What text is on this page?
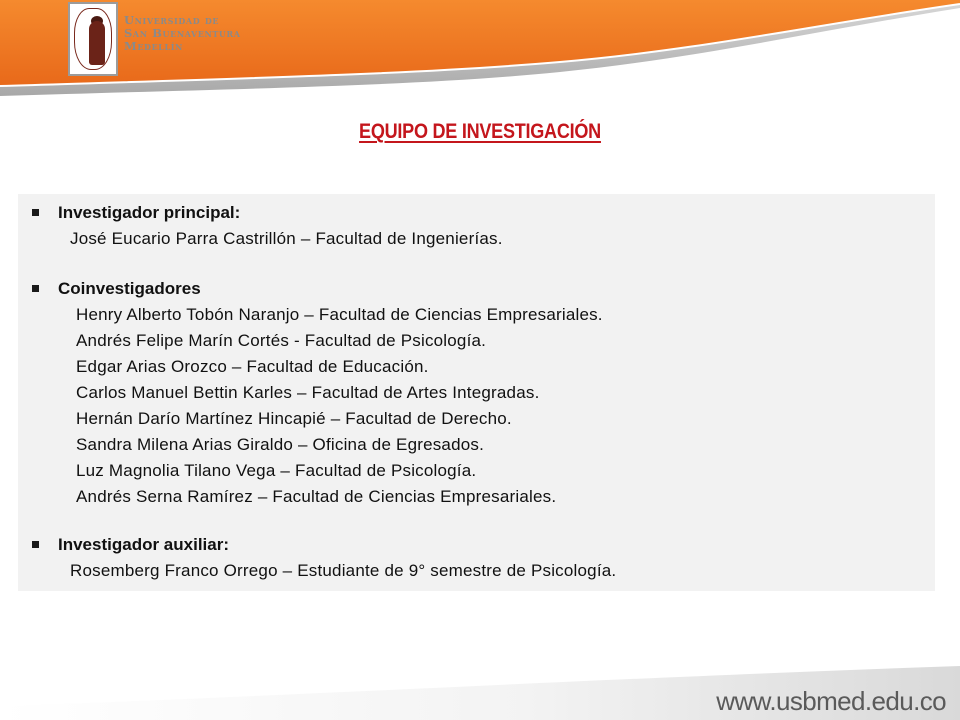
Universidad de
San Buenaventura
Medellín
EQUIPO DE INVESTIGACIÓN
Investigador principal:
José Eucario Parra Castrillón – Facultad de Ingenierías.
Coinvestigadores
Henry Alberto Tobón Naranjo – Facultad de Ciencias Empresariales.
Andrés Felipe Marín Cortés - Facultad de Psicología.
Edgar Arias Orozco – Facultad de Educación.
Carlos Manuel Bettin Karles – Facultad de Artes Integradas.
Hernán Darío Martínez Hincapié – Facultad de Derecho.
Sandra Milena Arias Giraldo – Oficina de Egresados.
Luz Magnolia Tilano Vega – Facultad de Psicología.
Andrés Serna Ramírez – Facultad de Ciencias Empresariales.
Investigador auxiliar:
Rosemberg Franco Orrego – Estudiante de 9° semestre de Psicología.
www.usbmed.edu.co
